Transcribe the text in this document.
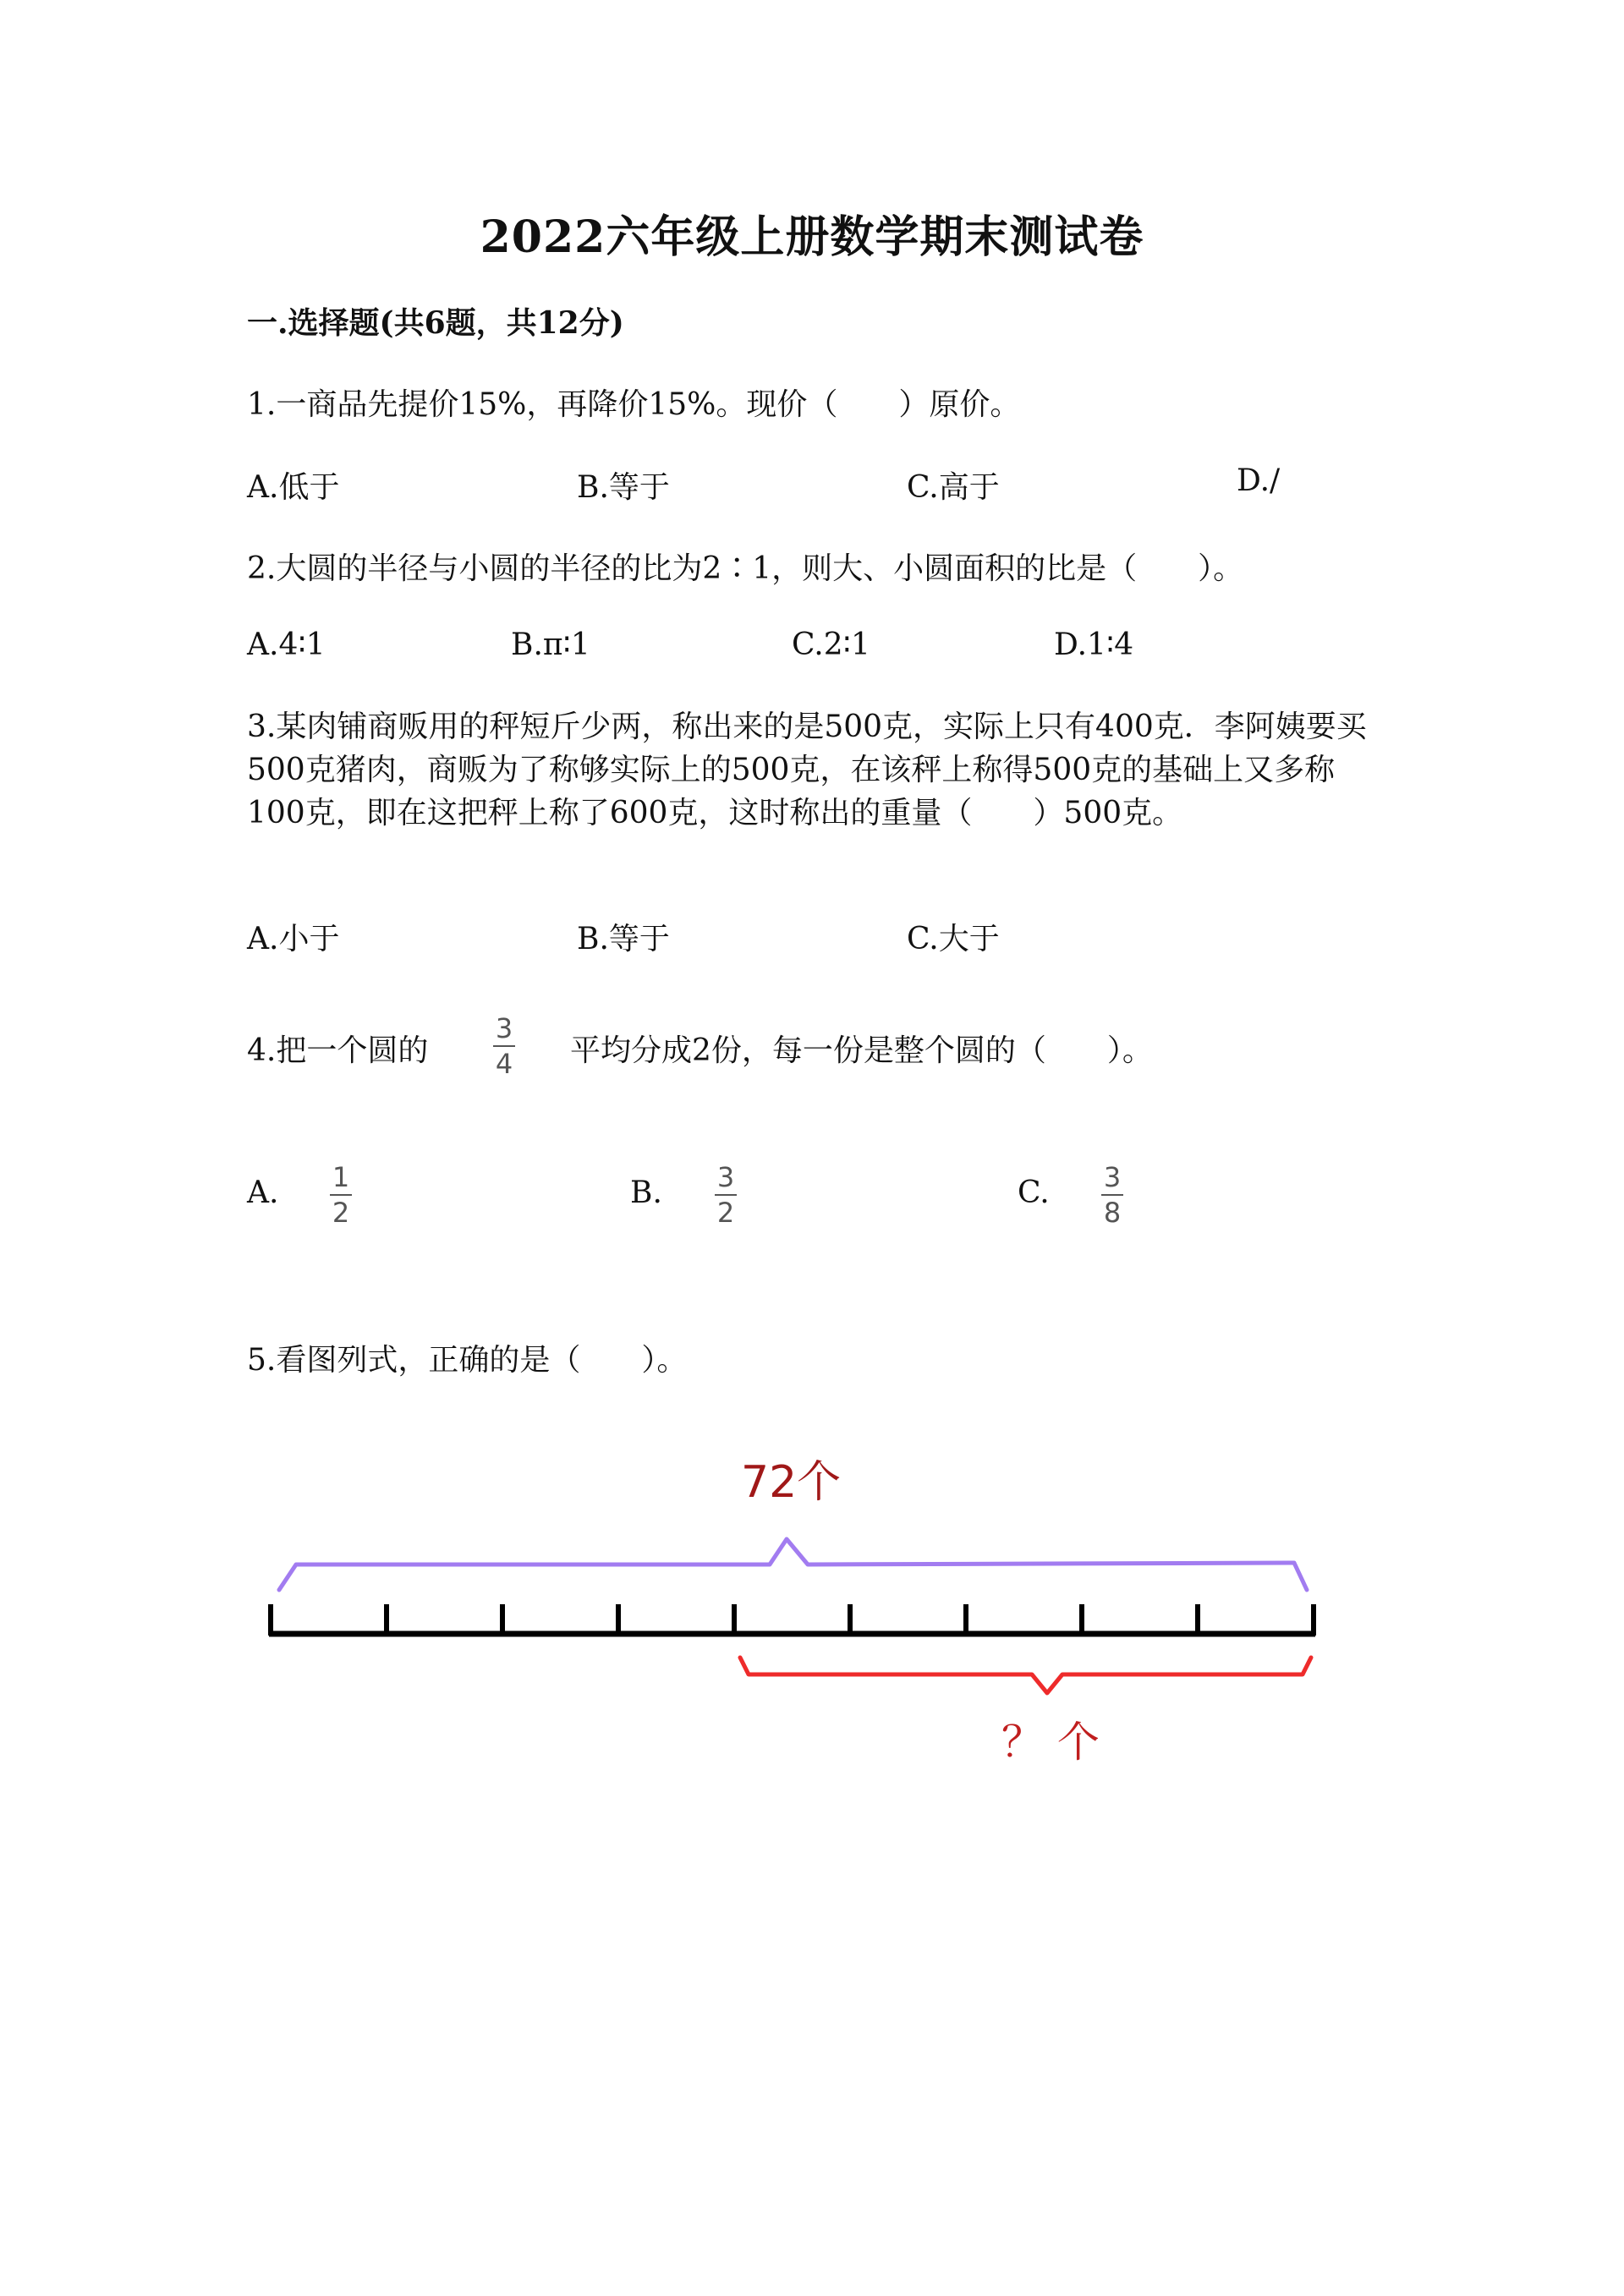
2022六年级上册数学期末测试卷
一.选择题(共6题，共12分)
1.一商品先提价15%，再降价15%。现价（　　）原价。
A.低于	B.等于	C.高于	D./
2.大圆的半径与小圆的半径的比为2∶1，则大、小圆面积的比是（　　）。
A.4∶1	B.π∶1	C.2∶1	D.1∶4
3.某肉铺商贩用的秤短斤少两，称出来的是500克，实际上只有400克．李阿姨要买500克猪肉，商贩为了称够实际上的500克，在该秤上称得500克的基础上又多称100克，即在这把秤上称了600克，这时称出的重量（　　）500克。
A.小于	B.等于	C.大于
4.把一个圆的
3
4 平均分成2份，每一份是整个圆的（　　）。
A. 1
2
B. 3
2
C. 3
8
5.看图列式，正确的是（　　）。
72个
？ 个
